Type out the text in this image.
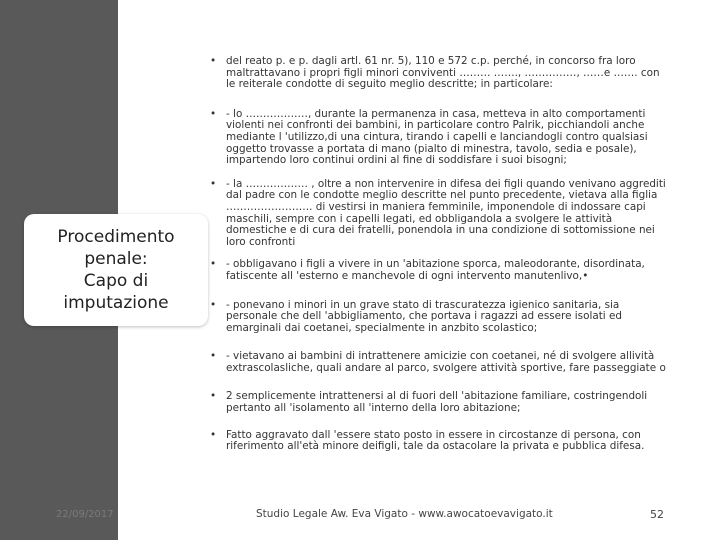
Procedimento
penale:
Capo di
imputazione
• del reato p. e p. dagli artl. 61 nr. 5), 110 e 572 c.p. perché, in concorso fra loro maltrattavano i propri figli minori conviventi ……… ……., ……………, ……e ……. con le reiterale condotte di seguito meglio descritte; in particolare:
• - lo ………………, durante la permanenza in casa, metteva in alto comportamenti violenti nei confronti dei bambini, in particolare contro Palrik, picchiandoli anche mediante l 'utilizzo,di una cintura, tirando i capelli e lanciandogli contro qualsiasi oggetto trovasse a portata di mano (pialto di minestra, tavolo, sedia e posale), impartendo loro continui ordini al fine di soddisfare i suoi bisogni;
• - la ……………… , oltre a non intervenire in difesa dei figli quando venivano aggrediti dal padre con le condotte meglio descritte nel punto precedente, vietava alla figlia ……………………. di vestirsi in maniera femminile, imponendole di indossare capi maschili, sempre con i capelli legati, ed obbligandola a svolgere le attività domestiche e di cura dei fratelli, ponendola in una condizione di sottomissione nei loro confronti
• - obbligavano i figli a vivere in un 'abitazione sporca, maleodorante, disordinata, fatiscente all 'esterno e manchevole di ogni intervento manutenlivo,•
• - ponevano i minori in un grave stato di trascuratezza igienico sanitaria, sia personale che dell 'abbigliamento, che portava i ragazzi ad essere isolati ed emarginali dai coetanei, specialmente in anzbito scolastico;
• - vietavano ai bambini di intrattenere amicizie con coetanei, né di svolgere allività extrascolasliche, quali andare al parco, svolgere attività sportive, fare passeggiate o
• 2 semplicemente intrattenersi al di fuori dell 'abitazione familiare, costringendoli pertanto all 'isolamento all 'interno della loro abitazione;
• Fatto aggravato dall 'essere stato posto in essere in circostanze di persona, con riferimento all'età minore deifigli, tale da ostacolare la privata e pubblica difesa.
22/09/2017	Studio Legale Aw. Eva Vigato - www.awocatoevavigato.it	52
